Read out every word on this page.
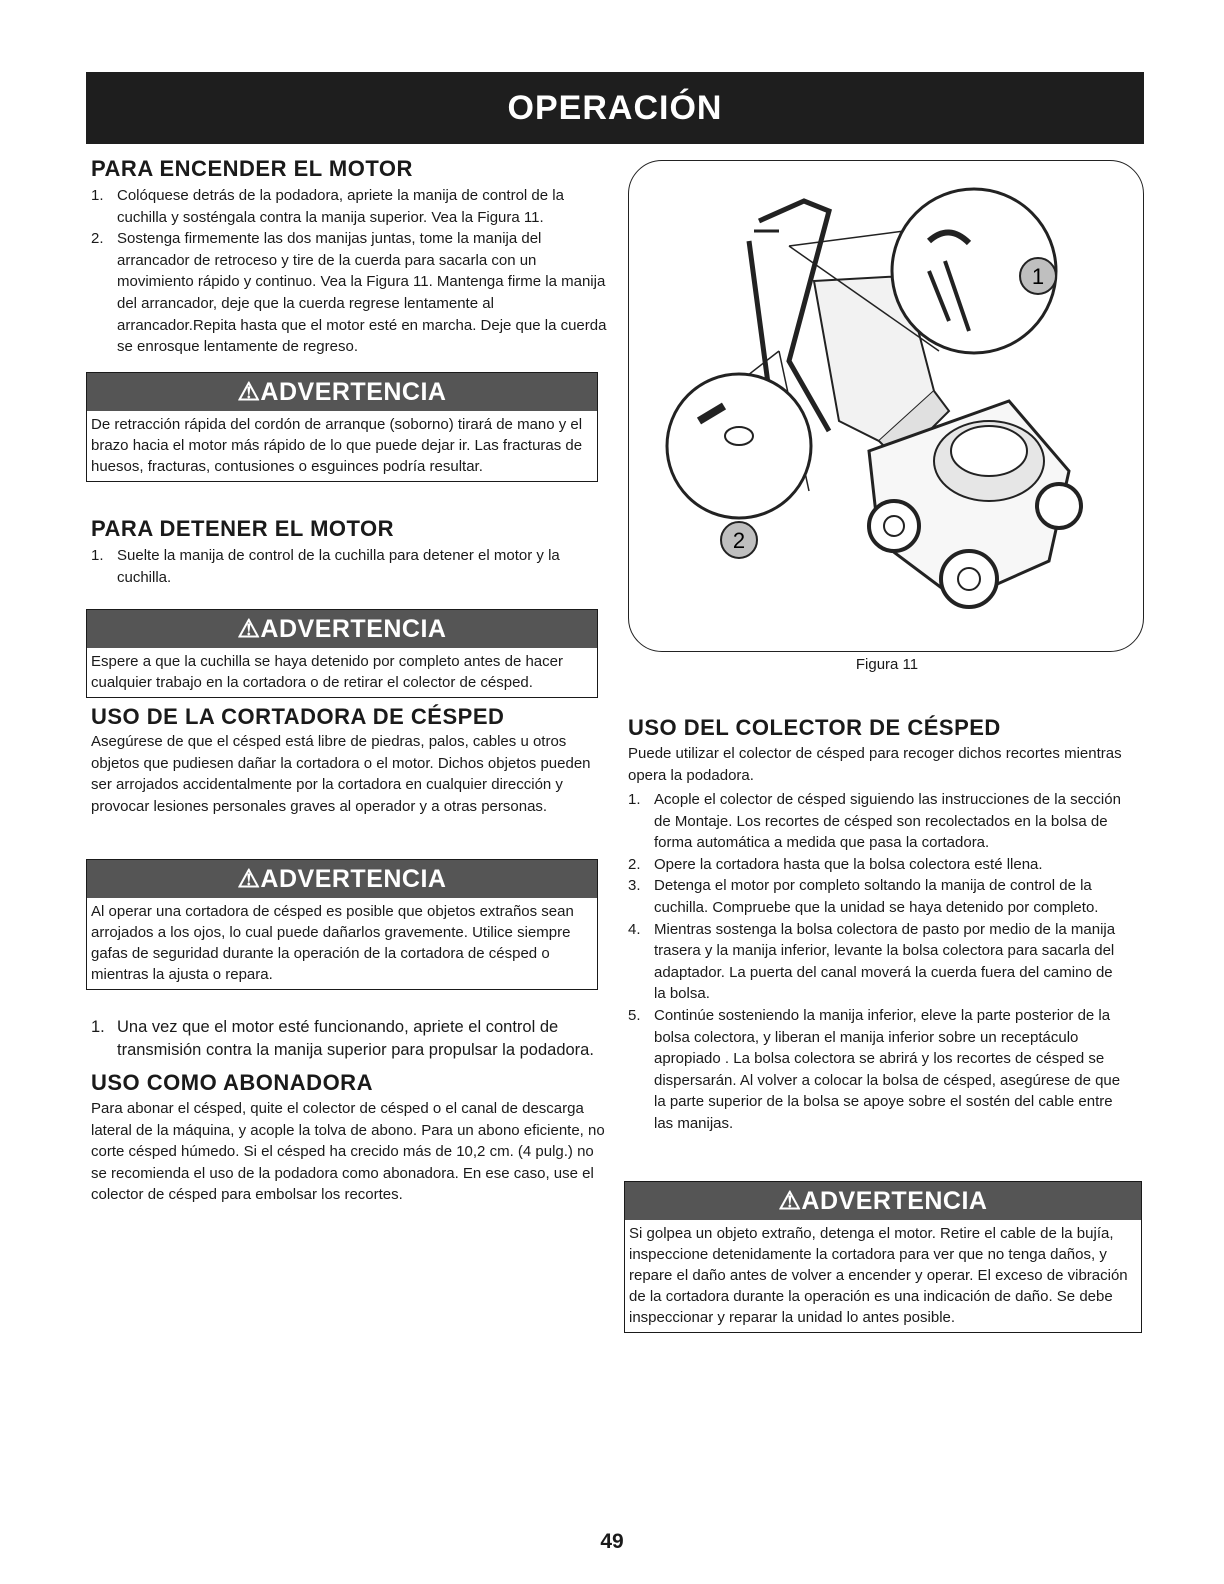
OPERACIÓN
PARA ENCENDER EL MOTOR
1. Colóquese detrás de la podadora, apriete la manija de control de la cuchilla y sosténgala contra la manija superior. Vea la Figura 11.
2. Sostenga firmemente las dos manijas juntas, tome la manija del arrancador de retroceso y tire de la cuerda para sacarla con un movimiento rápido y continuo. Vea la Figura 11. Mantenga firme la manija del arrancador, deje que la cuerda regrese lentamente al arrancador.Repita hasta que el motor esté en marcha. Deje que la cuerda se enrosque lentamente de regreso.
⚠ADVERTENCIA
De retracción rápida del cordón de arranque (soborno) tirará de mano y el brazo hacia el motor más rápido de lo que puede dejar ir. Las fracturas de huesos, fracturas, contusiones o esguinces podría resultar.
PARA DETENER EL MOTOR
1. Suelte la manija de control de la cuchilla para detener el motor y la cuchilla.
⚠ADVERTENCIA
Espere a que la cuchilla se haya detenido por completo antes de hacer cualquier trabajo en la cortadora o de retirar el colector de césped.
1
2
Figura 11
USO DE LA CORTADORA DE CÉSPED
Asegúrese de que el césped está libre de piedras, palos, cables u otros objetos que pudiesen dañar la cortadora o el motor. Dichos objetos pueden ser arrojados accidentalmente por la cortadora en cualquier dirección y provocar lesiones personales graves al operador y a otras personas.
⚠ADVERTENCIA
Al operar una cortadora de césped es posible que objetos extraños sean arrojados a los ojos, lo cual puede dañarlos gravemente. Utilice siempre gafas de seguridad durante la operación de la cortadora de césped o mientras la ajusta o repara.
1. Una vez que el motor esté funcionando, apriete el control de transmisión contra la manija superior para propulsar la podadora.
USO COMO ABONADORA
Para abonar el césped, quite el colector de césped o el canal de descarga lateral de la máquina, y acople la tolva de abono. Para un abono eficiente, no corte césped húmedo. Si el césped ha crecido más de 10,2 cm. (4 pulg.) no se recomienda el uso de la podadora como abonadora. En ese caso, use el colector de césped para embolsar los recortes.
USO DEL COLECTOR DE CÉSPED
Puede utilizar el colector de césped para recoger dichos recortes mientras opera la podadora.
1. Acople el colector de césped siguiendo las instrucciones de la sección de Montaje. Los recortes de césped son recolectados en la bolsa de forma automática a medida que pasa la cortadora.
2. Opere la cortadora hasta que la bolsa colectora esté llena.
3. Detenga el motor por completo soltando la manija de control de la cuchilla. Compruebe que la unidad se haya detenido por completo.
4. Mientras sostenga la bolsa colectora de pasto por medio de la manija trasera y la manija inferior, levante la bolsa colectora para sacarla del adaptador. La puerta del canal moverá la cuerda fuera del camino de la bolsa.
5. Continúe sosteniendo la manija inferior, eleve la parte posterior de la bolsa colectora, y liberan el manija inferior sobre un receptáculo apropiado . La bolsa colectora se abrirá y los recortes de césped se dispersarán. Al volver a colocar la bolsa de césped, asegúrese de que la parte superior de la bolsa se apoye sobre el sostén del cable entre las manijas.
⚠ADVERTENCIA
Si golpea un objeto extraño, detenga el motor. Retire el cable de la bujía, inspeccione detenidamente la cortadora para ver que no tenga daños, y repare el daño antes de volver a encender y operar. El exceso de vibración de la cortadora durante la operación es una indicación de daño. Se debe inspeccionar y reparar la unidad lo antes posible.
49
